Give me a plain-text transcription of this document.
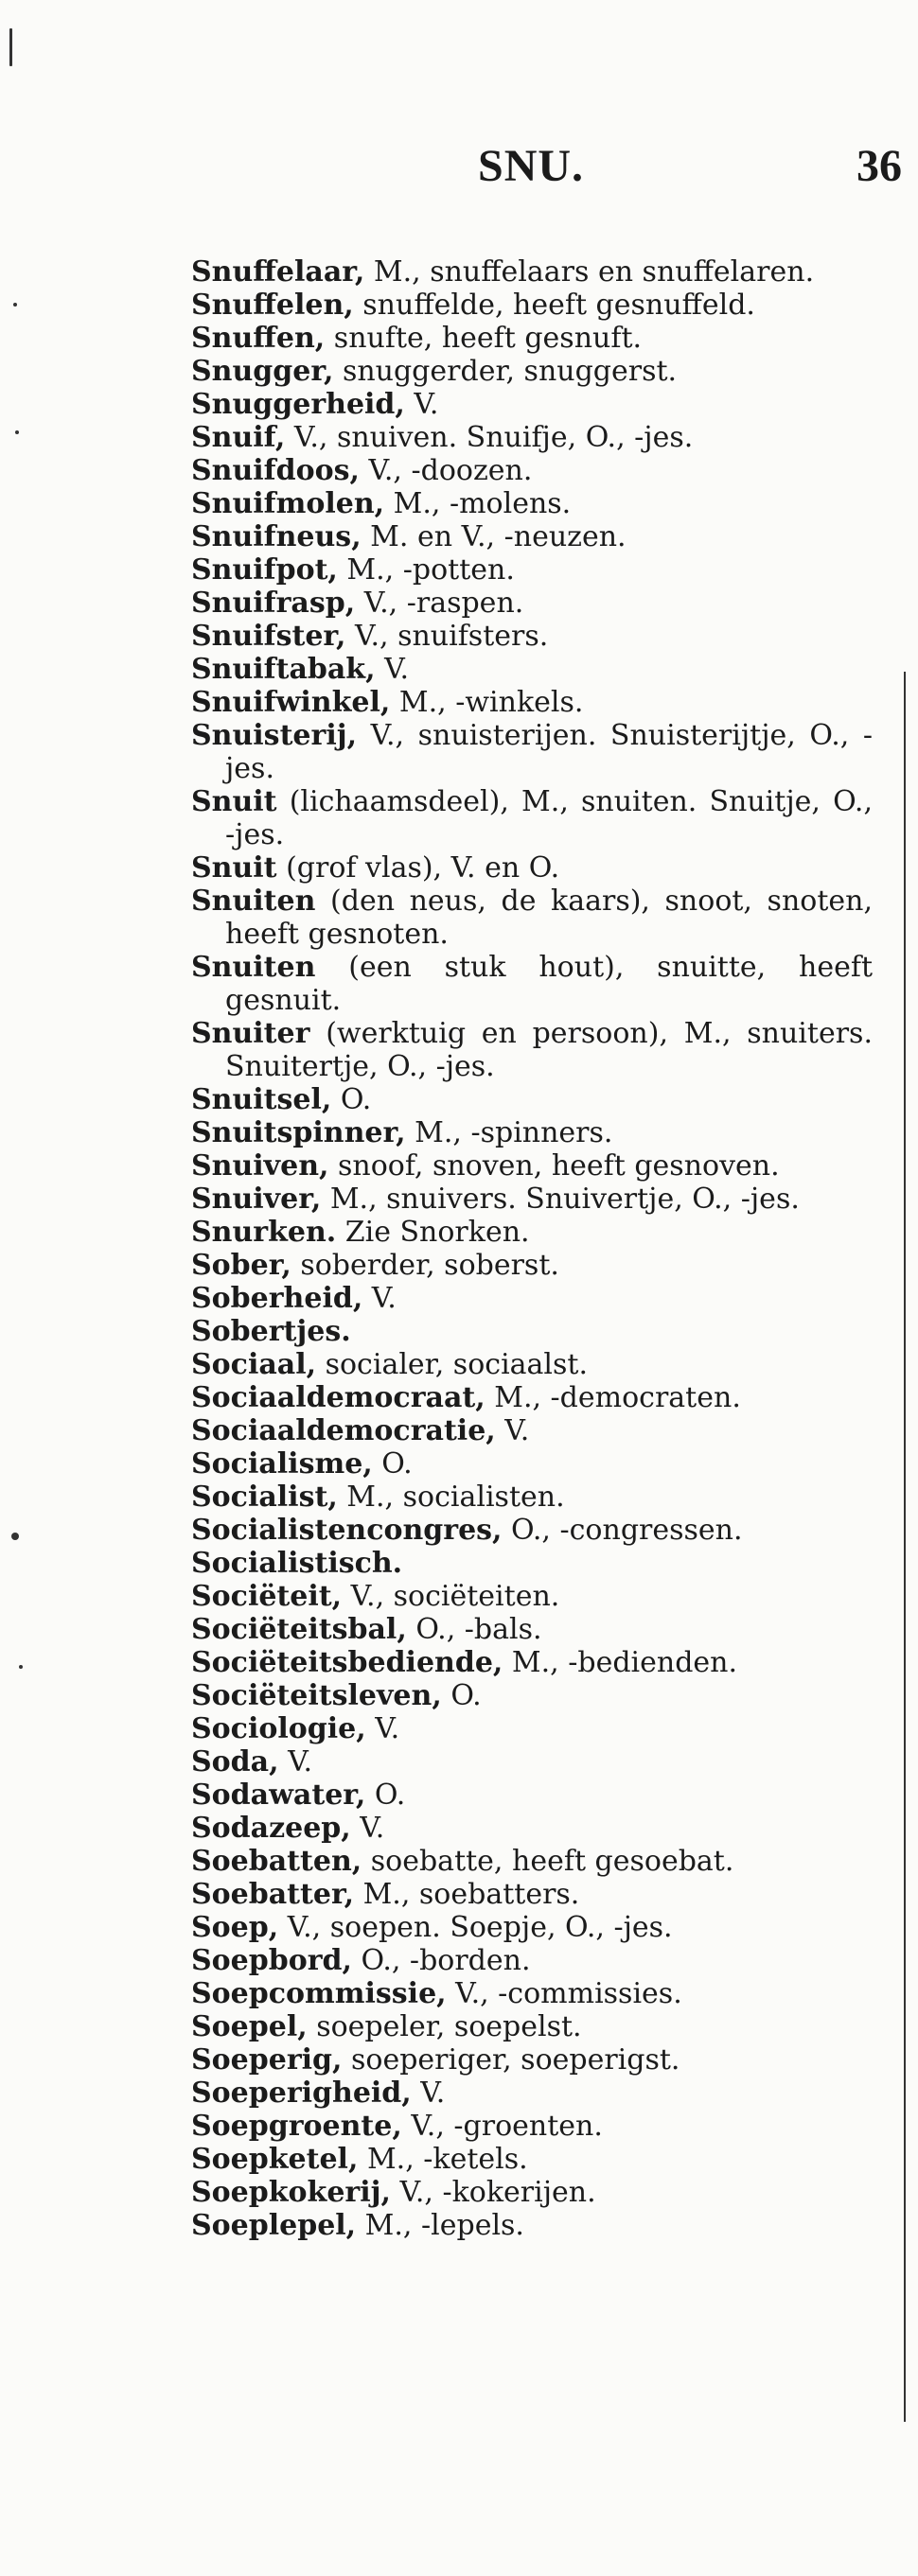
SNU.	36
Snuffelaar, M., snuffelaars en snuffelaren.
Snuffelen, snuffelde, heeft gesnuffeld.
Snuffen, snufte, heeft gesnuft.
Snugger, snuggerder, snuggerst.
Snuggerheid, V.
Snuif, V., snuiven. Snuifje, O., -jes.
Snuifdoos, V., -doozen.
Snuifmolen, M., -molens.
Snuifneus, M. en V., -neuzen.
Snuifpot, M., -potten.
Snuifrasp, V., -raspen.
Snuifster, V., snuifsters.
Snuiftabak, V.
Snuifwinkel, M., -winkels.
Snuisterij, V., snuisterijen. Snuisterijtje, O., -jes.
Snuit (lichaamsdeel), M., snuiten. Snuitje, O., -jes.
Snuit (grof vlas), V. en O.
Snuiten (den neus, de kaars), snoot, snoten, heeft gesnoten.
Snuiten (een stuk hout), snuitte, heeft gesnuit.
Snuiter (werktuig en persoon), M., snuiters. Snuitertje, O., -jes.
Snuitsel, O.
Snuitspinner, M., -spinners.
Snuiven, snoof, snoven, heeft gesnoven.
Snuiver, M., snuivers. Snuivertje, O., -jes.
Snurken. Zie Snorken.
Sober, soberder, soberst.
Soberheid, V.
Sobertjes.
Sociaal, socialer, sociaalst.
Sociaaldemocraat, M., -democraten.
Sociaaldemocratie, V.
Socialisme, O.
Socialist, M., socialisten.
Socialistencongres, O., -congressen.
Socialistisch.
Sociëteit, V., sociëteiten.
Sociëteitsbal, O., -bals.
Sociëteitsbediende, M., -bedienden.
Sociëteitsleven, O.
Sociologie, V.
Soda, V.
Sodawater, O.
Sodazeep, V.
Soebatten, soebatte, heeft gesoebat.
Soebatter, M., soebatters.
Soep, V., soepen. Soepje, O., -jes.
Soepbord, O., -borden.
Soepcommissie, V., -commissies.
Soepel, soepeler, soepelst.
Soeperig, soeperiger, soeperigst.
Soeperigheid, V.
Soepgroente, V., -groenten.
Soepketel, M., -ketels.
Soepkokerij, V., -kokerijen.
Soeplepel, M., -lepels.
